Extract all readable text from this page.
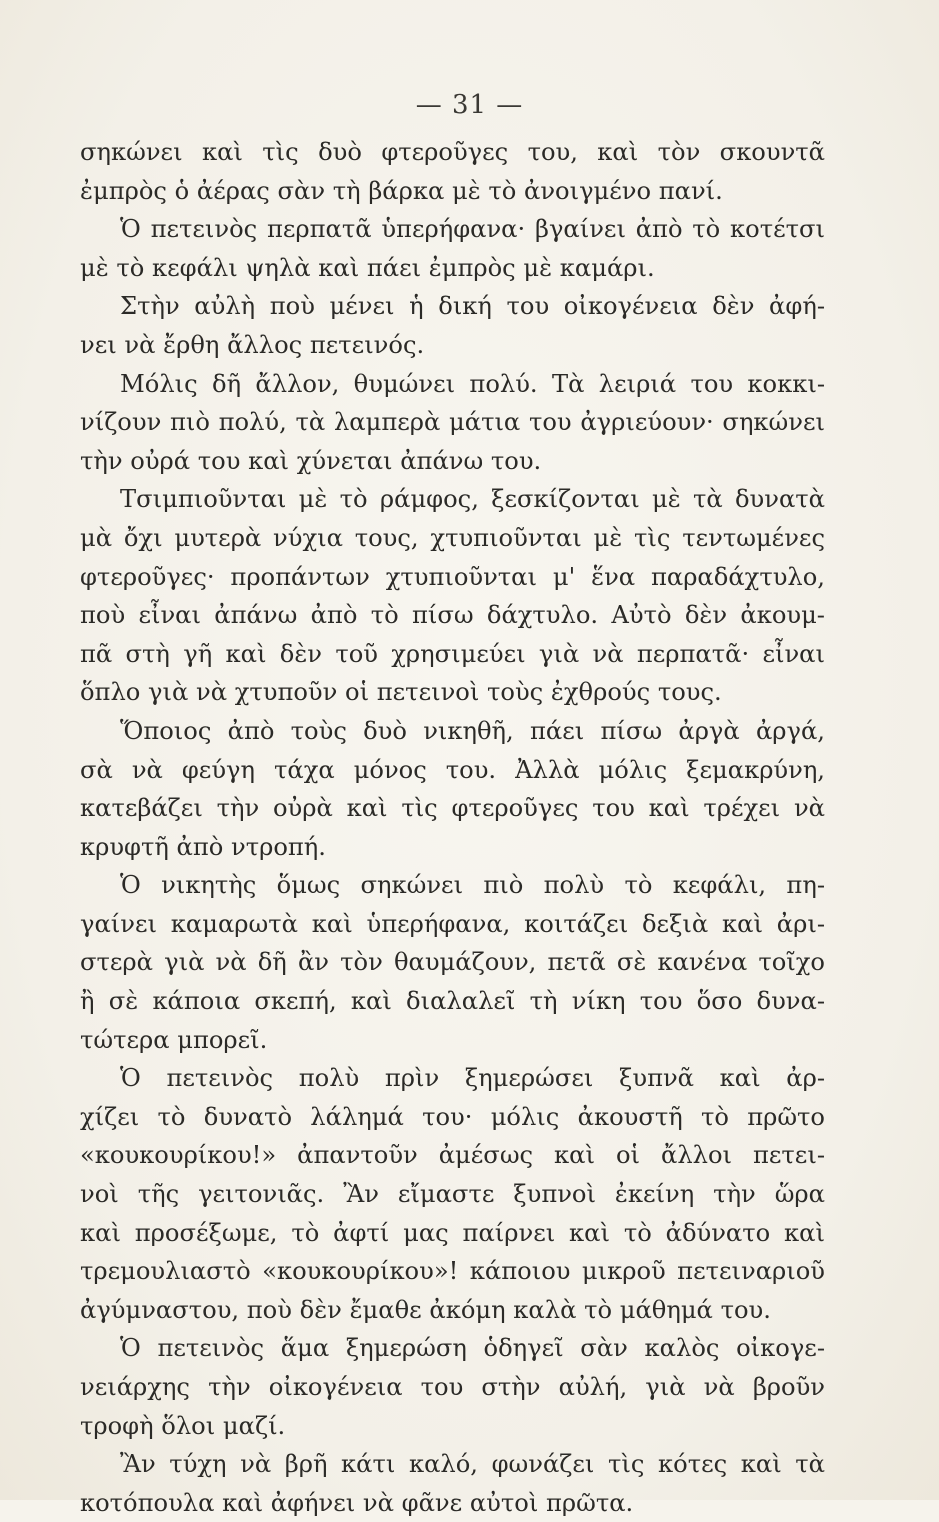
— 31 —
σηκώνει καὶ τὶς δυὸ φτεροῦγες του, καὶ τὸν σκουντᾶ
ἐμπρὸς ὁ ἀέρας σὰν τὴ βάρκα μὲ τὸ ἀνοιγμένο πανί.
Ὁ πετεινὸς περπατᾶ ὑπερήφανα· βγαίνει ἀπὸ τὸ κοτέτσι
μὲ τὸ κεφάλι ψηλὰ καὶ πάει ἐμπρὸς μὲ καμάρι.
Στὴν αὐλὴ ποὺ μένει ἡ δική του οἰκογένεια δὲν ἀφή-
νει νὰ ἔρθη ἄλλος πετεινός.
Μόλις δῆ ἄλλον, θυμώνει πολύ. Τὰ λειριά του κοκκι-
νίζουν πιὸ πολύ, τὰ λαμπερὰ μάτια του ἀγριεύουν· σηκώνει
τὴν οὐρά του καὶ χύνεται ἀπάνω του.
Τσιμπιοῦνται μὲ τὸ ράμφος, ξεσκίζονται μὲ τὰ δυνατὰ
μὰ ὄχι μυτερὰ νύχια τους, χτυπιοῦνται μὲ τὶς τεντωμένες
φτεροῦγες· προπάντων χτυπιοῦνται μ' ἕνα παραδάχτυλο,
ποὺ εἶναι ἀπάνω ἀπὸ τὸ πίσω δάχτυλο. Αὐτὸ δὲν ἀκουμ-
πᾶ στὴ γῆ καὶ δὲν τοῦ χρησιμεύει γιὰ νὰ περπατᾶ· εἶναι
ὅπλο γιὰ νὰ χτυποῦν οἱ πετεινοὶ τοὺς ἐχθρούς τους.
Ὅποιος ἀπὸ τοὺς δυὸ νικηθῆ, πάει πίσω ἀργὰ ἀργά,
σὰ νὰ φεύγη τάχα μόνος του. Ἀλλὰ μόλις ξεμακρύνη,
κατεβάζει τὴν οὐρὰ καὶ τὶς φτεροῦγες του καὶ τρέχει νὰ
κρυφτῆ ἀπὸ ντροπή.
Ὁ νικητὴς ὅμως σηκώνει πιὸ πολὺ τὸ κεφάλι, πη-
γαίνει καμαρωτὰ καὶ ὑπερήφανα, κοιτάζει δεξιὰ καὶ ἀρι-
στερὰ γιὰ νὰ δῆ ἂν τὸν θαυμάζουν, πετᾶ σὲ κανένα τοῖχο
ἢ σὲ κάποια σκεπή, καὶ διαλαλεῖ τὴ νίκη του ὅσο δυνα-
τώτερα μπορεῖ.
Ὁ πετεινὸς πολὺ πρὶν ξημερώσει ξυπνᾶ καὶ ἀρ-
χίζει τὸ δυνατὸ λάλημά του· μόλις ἀκουστῆ τὸ πρῶτο
«κουκουρίκου!» ἀπαντοῦν ἀμέσως καὶ οἱ ἄλλοι πετει-
νοὶ τῆς γειτονιᾶς. Ἂν εἴμαστε ξυπνοὶ ἐκείνη τὴν ὥρα
καὶ προσέξωμε, τὸ ἀφτί μας παίρνει καὶ τὸ ἀδύνατο καὶ
τρεμουλιαστὸ «κουκουρίκου»! κάποιου μικροῦ πετειναριοῦ
ἀγύμναστου, ποὺ δὲν ἔμαθε ἀκόμη καλὰ τὸ μάθημά του.
Ὁ πετεινὸς ἅμα ξημερώση ὁδηγεῖ σὰν καλὸς οἰκογε-
νειάρχης τὴν οἰκογένεια του στὴν αὐλή, γιὰ νὰ βροῦν
τροφὴ ὅλοι μαζί.
Ἂν τύχη νὰ βρῆ κάτι καλό, φωνάζει τὶς κότες καὶ τὰ
κοτόπουλα καὶ ἀφήνει νὰ φᾶνε αὐτοὶ πρῶτα.
